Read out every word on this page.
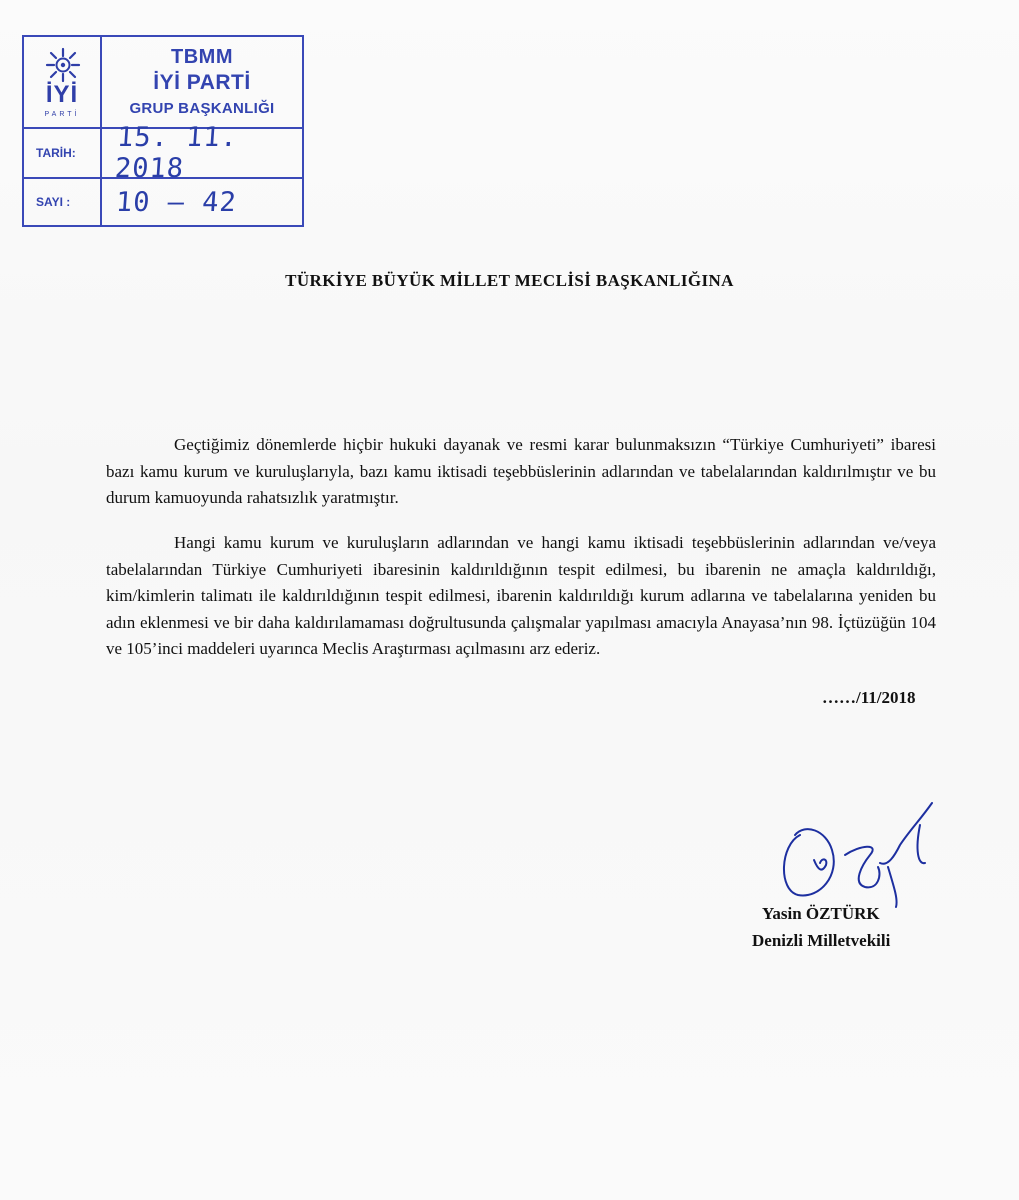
İYİ
PARTİ
TBMM
İYİ PARTİ
GRUP BAŞKANLIĞI
TARİH:	15. 11. 2018
SAYI :	10 – 42
TÜRKİYE BÜYÜK MİLLET MECLİSİ BAŞKANLIĞINA

Geçtiğimiz dönemlerde hiçbir hukuki dayanak ve resmi karar bulunmaksızın “Türkiye Cumhuriyeti” ibaresi bazı kamu kurum ve kuruluşlarıyla, bazı kamu iktisadi teşebbüslerinin adlarından ve tabelalarından kaldırılmıştır ve bu durum kamuoyunda rahatsızlık yaratmıştır.

Hangi kamu kurum ve kuruluşların adlarından ve hangi kamu iktisadi teşebbüslerinin adlarından ve/veya tabelalarından Türkiye Cumhuriyeti ibaresinin kaldırıldığının tespit edilmesi, bu ibarenin ne amaçla kaldırıldığı, kim/kimlerin talimatı ile kaldırıldığının tespit edilmesi, ibarenin kaldırıldığı kurum adlarına ve tabelalarına yeniden bu adın eklenmesi ve bir daha kaldırılamaması doğrultusunda çalışmalar yapılması amacıyla Anayasa’nın 98. İçtüzüğün 104 ve 105’inci maddeleri uyarınca Meclis Araştırması açılmasını arz ederiz.

……/11/2018
Yasin ÖZTÜRK
Denizli Milletvekili
